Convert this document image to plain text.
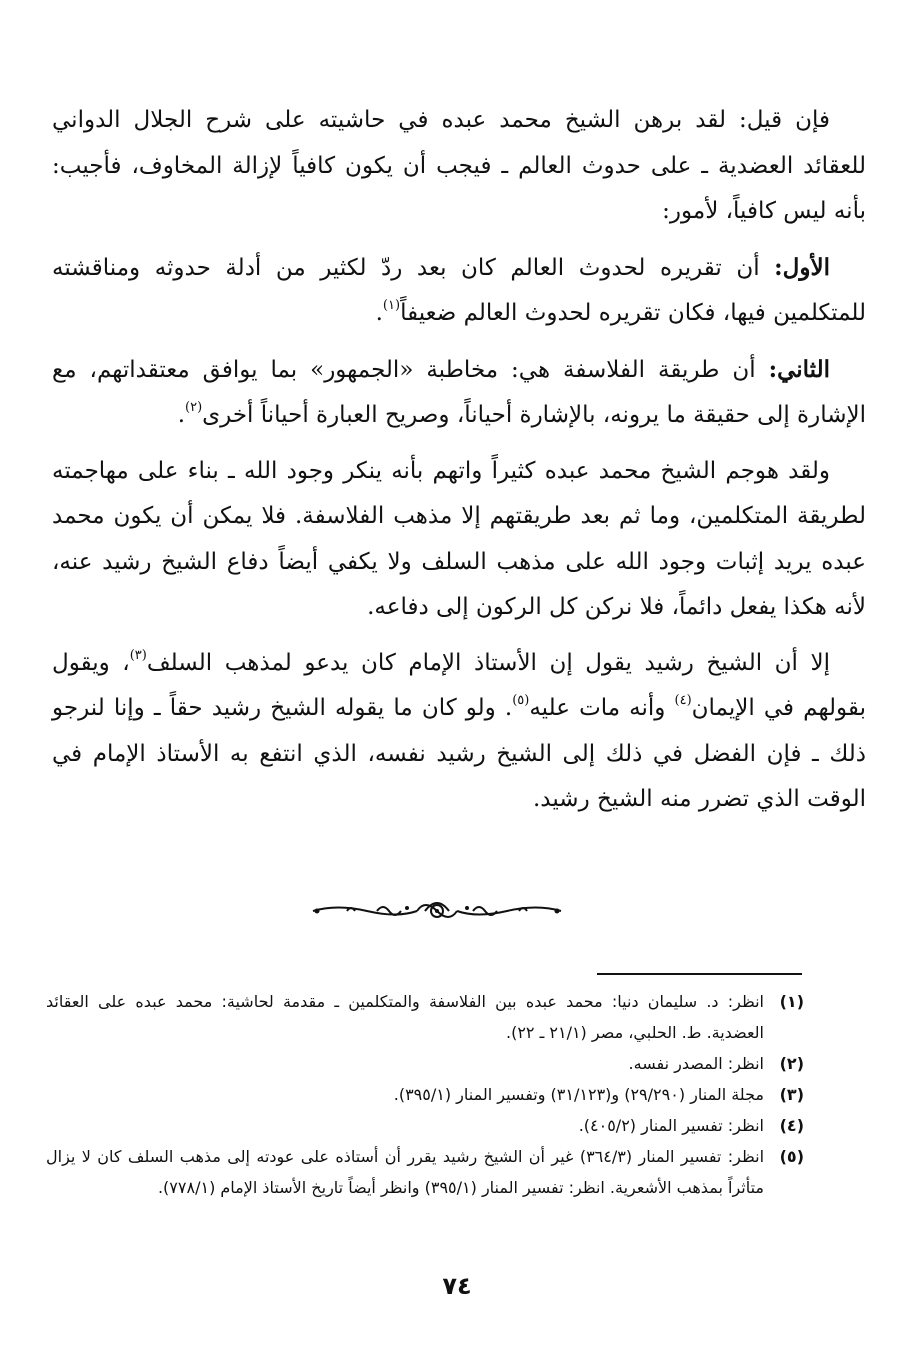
فإن قيل: لقد برهن الشيخ محمد عبده في حاشيته على شرح الجلال الدواني للعقائد العضدية ـ على حدوث العالم ـ فيجب أن يكون كافياً لإزالة المخاوف، فأجيب: بأنه ليس كافياً، لأمور:

الأول: أن تقريره لحدوث العالم كان بعد ردّ لكثير من أدلة حدوثه ومناقشته للمتكلمين فيها، فكان تقريره لحدوث العالم ضعيفاً$^{(١)}$.

الثاني: أن طريقة الفلاسفة هي: مخاطبة «الجمهور» بما يوافق معتقداتهم، مع الإشارة إلى حقيقة ما يرونه، بالإشارة أحياناً، وصريح العبارة أحياناً أخرى$^{(٢)}$.

ولقد هوجم الشيخ محمد عبده كثيراً واتهم بأنه ينكر وجود الله ـ بناء على مهاجمته لطريقة المتكلمين، وما ثم بعد طريقتهم إلا مذهب الفلاسفة. فلا يمكن أن يكون محمد عبده يريد إثبات وجود الله على مذهب السلف ولا يكفي أيضاً دفاع الشيخ رشيد عنه، لأنه هكذا يفعل دائماً، فلا نركن كل الركون إلى دفاعه.

إلا أن الشيخ رشيد يقول إن الأستاذ الإمام كان يدعو لمذهب السلف$^{(٣)}$، ويقول بقولهم في الإيمان$^{(٤)}$ وأنه مات عليه$^{(٥)}$. ولو كان ما يقوله الشيخ رشيد حقاً ـ وإنا لنرجو ذلك ـ فإن الفضل في ذلك إلى الشيخ رشيد نفسه، الذي انتفع به الأستاذ الإمام في الوقت الذي تضرر منه الشيخ رشيد.

(١)
انظر: د. سليمان دنيا: محمد عبده بين الفلاسفة والمتكلمين ـ مقدمة لحاشية: محمد عبده على العقائد العضدية. ط. الحلبي، مصر (٢١/١ ـ ٢٢).
(٢)
انظر: المصدر نفسه.
(٣)
مجلة المنار (٢٩/٢٩٠) و(٣١/١٢٣) وتفسير المنار (٣٩٥/١).
(٤)
انظر: تفسير المنار (٤٠٥/٢).
(٥)
انظر: تفسير المنار (٣٦٤/٣) غير أن الشيخ رشيد يقرر أن أستاذه على عودته إلى مذهب السلف كان لا يزال متأثراً بمذهب الأشعرية. انظر: تفسير المنار (٣٩٥/١) وانظر أيضاً تاريخ الأستاذ الإمام (٧٧٨/١).
٧٤
